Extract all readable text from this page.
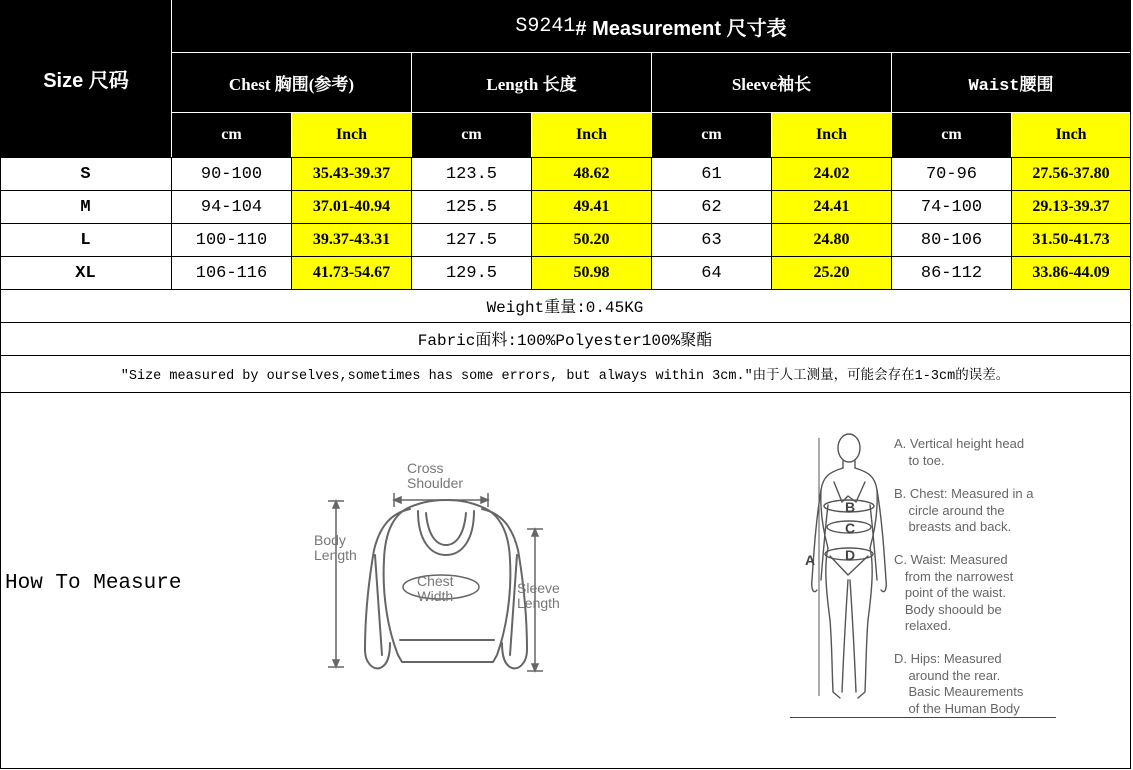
Size 尺码
S9241 # Measurement 尺寸表
Chest 胸围(参考)	Length 长度	Sleeve袖长	Waist腰围
cm	Inch	cm	Inch	cm	Inch	cm	Inch
S	90-100	35.43-39.37	123.5	48.62	61	24.02	70-96	27.56-37.80
M	94-104	37.01-40.94	125.5	49.41	62	24.41	74-100	29.13-39.37
L	100-110	39.37-43.31	127.5	50.20	63	24.80	80-106	31.50-41.73
XL	106-116	41.73-54.67	129.5	50.98	64	25.20	86-112	33.86-44.09
Weight重量:0.45KG
Fabric面料:100%Polyester100%聚酯
"Size measured by ourselves,sometimes has some errors, but always within 3cm."由于人工测量，可能会存在1-3cm的误差。
How To Measure
Cross
Shoulder
Body
Length
Chest
Width	Sleeve
Length
A
B
C
D
A. Vertical height head
to toe.
B. Chest: Measured in a
circle around the
breasts and back.
C. Waist: Measured
from the narrowest
point of the waist.
Body shoould be
relaxed.
D. Hips: Measured
around the rear.
Basic Meaurements
of the Human Body
